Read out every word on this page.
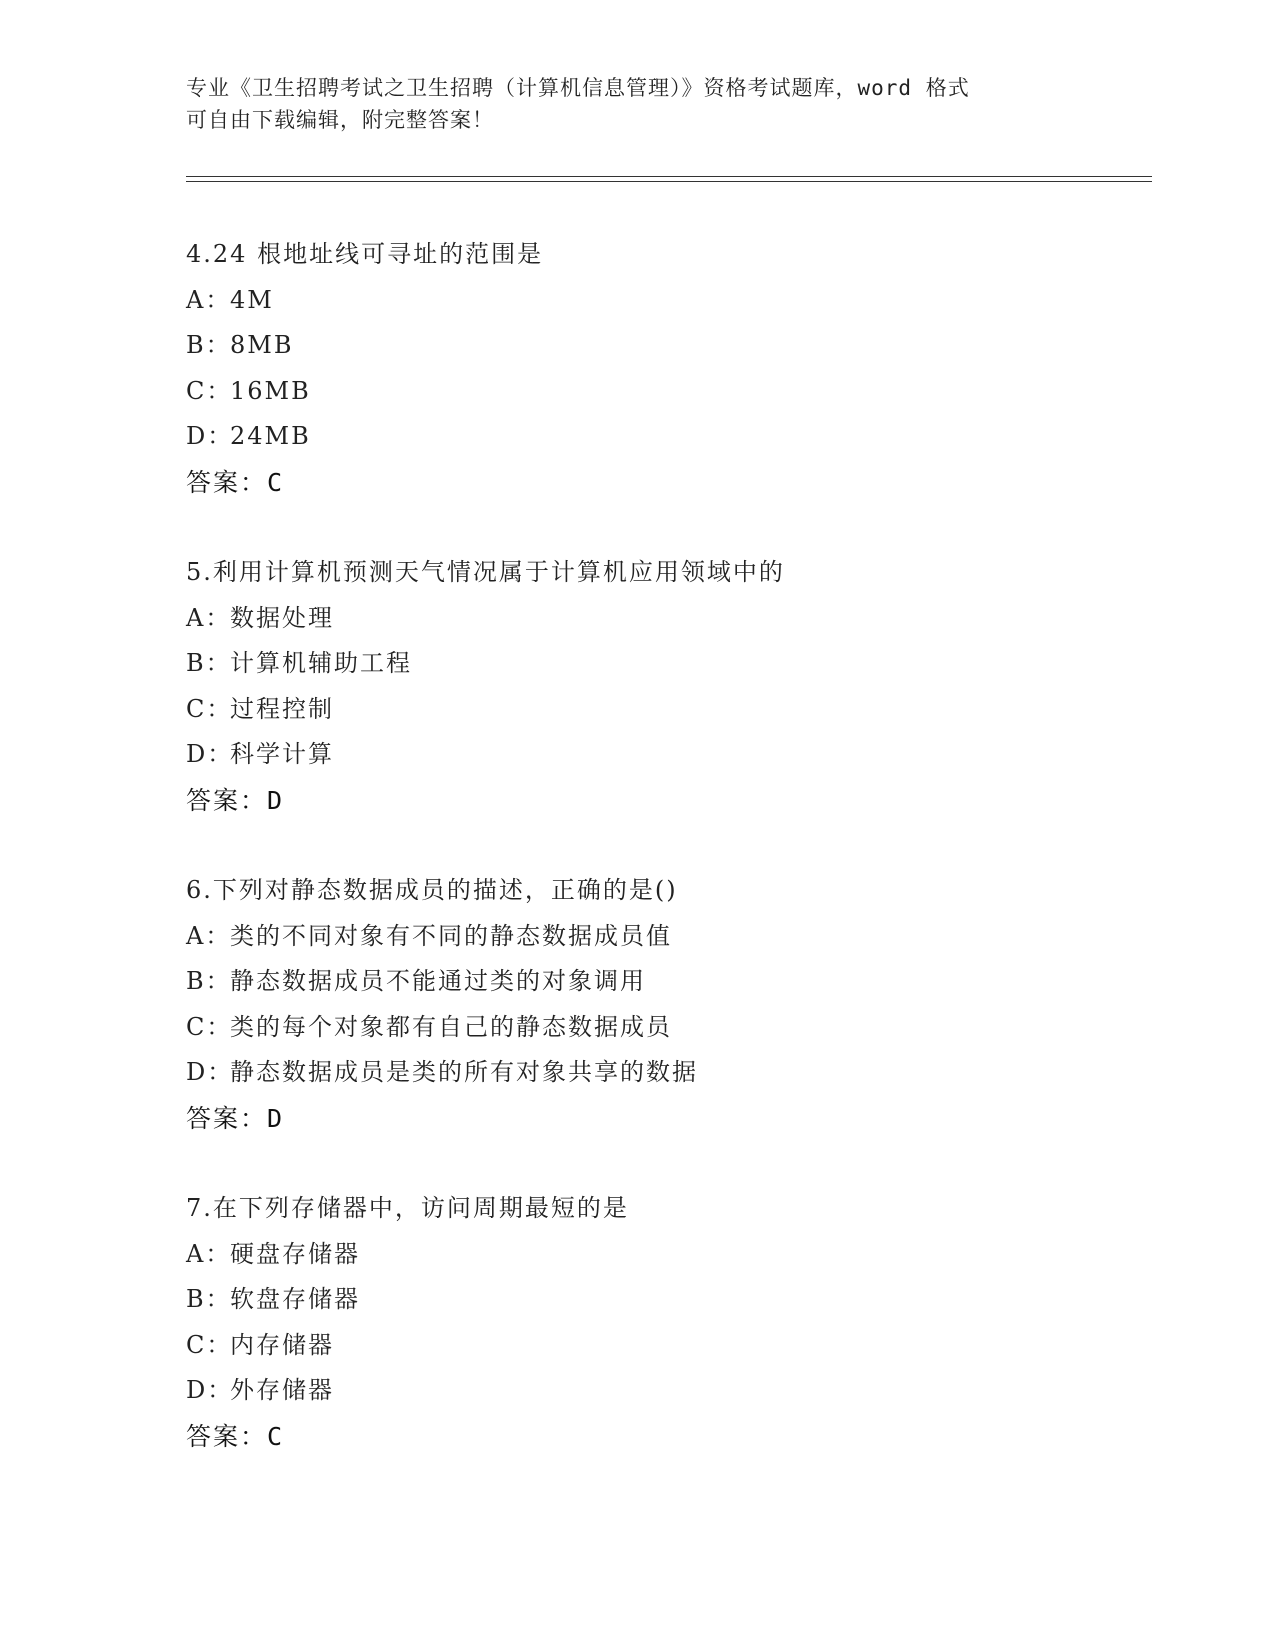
专业《卫生招聘考试之卫生招聘（计算机信息管理）》资格考试题库，word 格式
可自由下载编辑，附完整答案！
4.24 根地址线可寻址的范围是
A：4M
B：8MB
C：16MB
D：24MB
答案：C
5.利用计算机预测天气情况属于计算机应用领域中的
A：数据处理
B：计算机辅助工程
C：过程控制
D：科学计算
答案：D
6.下列对静态数据成员的描述，正确的是()
A：类的不同对象有不同的静态数据成员值
B：静态数据成员不能通过类的对象调用
C：类的每个对象都有自己的静态数据成员
D：静态数据成员是类的所有对象共享的数据
答案：D
7.在下列存储器中，访问周期最短的是
A：硬盘存储器
B：软盘存储器
C：内存储器
D：外存储器
答案：C
